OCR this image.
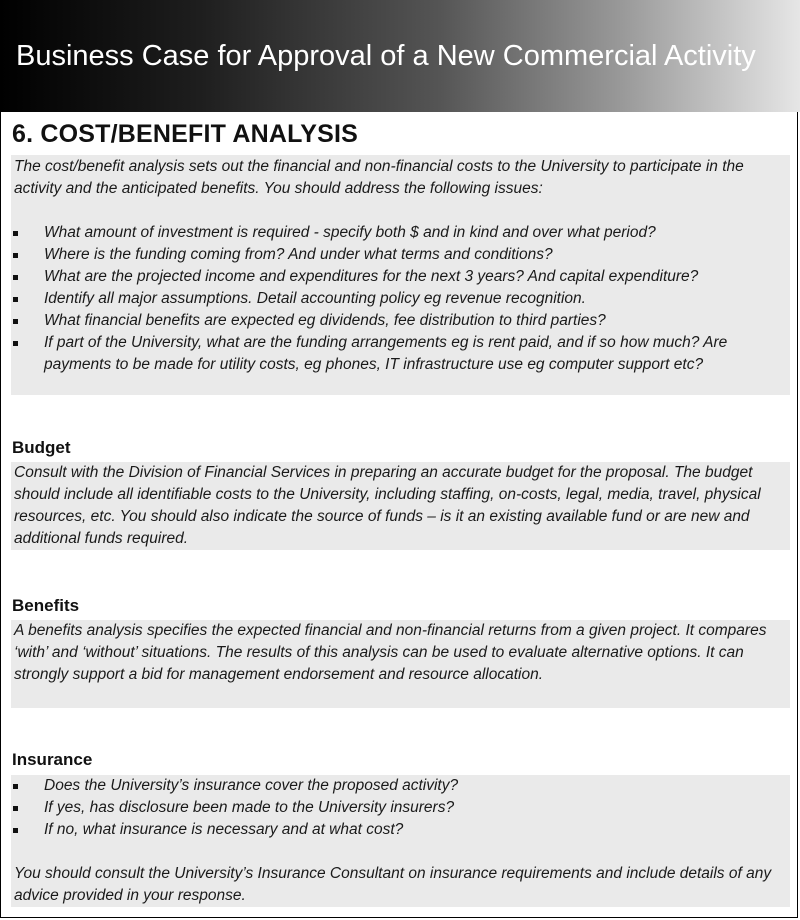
Business Case for Approval of a New Commercial Activity
6. COST/BENEFIT ANALYSIS

The cost/benefit analysis sets out the financial and non-financial costs to the University to participate in the activity and the anticipated benefits. You should address the following issues:

What amount of investment is required - specify both $ and in kind and over what period?
Where is the funding coming from? And under what terms and conditions?
What are the projected income and expenditures for the next 3 years? And capital expenditure?
Identify all major assumptions. Detail accounting policy eg revenue recognition.
What financial benefits are expected eg dividends, fee distribution to third parties?
If part of the University, what are the funding arrangements eg is rent paid, and if so how much? Are payments to be made for utility costs, eg phones, IT infrastructure use eg computer support etc?
Budget

Consult with the Division of Financial Services in preparing an accurate budget for the proposal. The budget should include all identifiable costs to the University, including staffing, on-costs, legal, media, travel, physical resources, etc. You should also indicate the source of funds – is it an existing available fund or are new and additional funds required.

Benefits

A benefits analysis specifies the expected financial and non-financial returns from a given project. It compares ‘with’ and ‘without’ situations. The results of this analysis can be used to evaluate alternative options. It can strongly support a bid for management endorsement and resource allocation.

Insurance
Does the University’s insurance cover the proposed activity?
If yes, has disclosure been made to the University insurers?
If no, what insurance is necessary and at what cost?

You should consult the University’s Insurance Consultant on insurance requirements and include details of any advice provided in your response.
